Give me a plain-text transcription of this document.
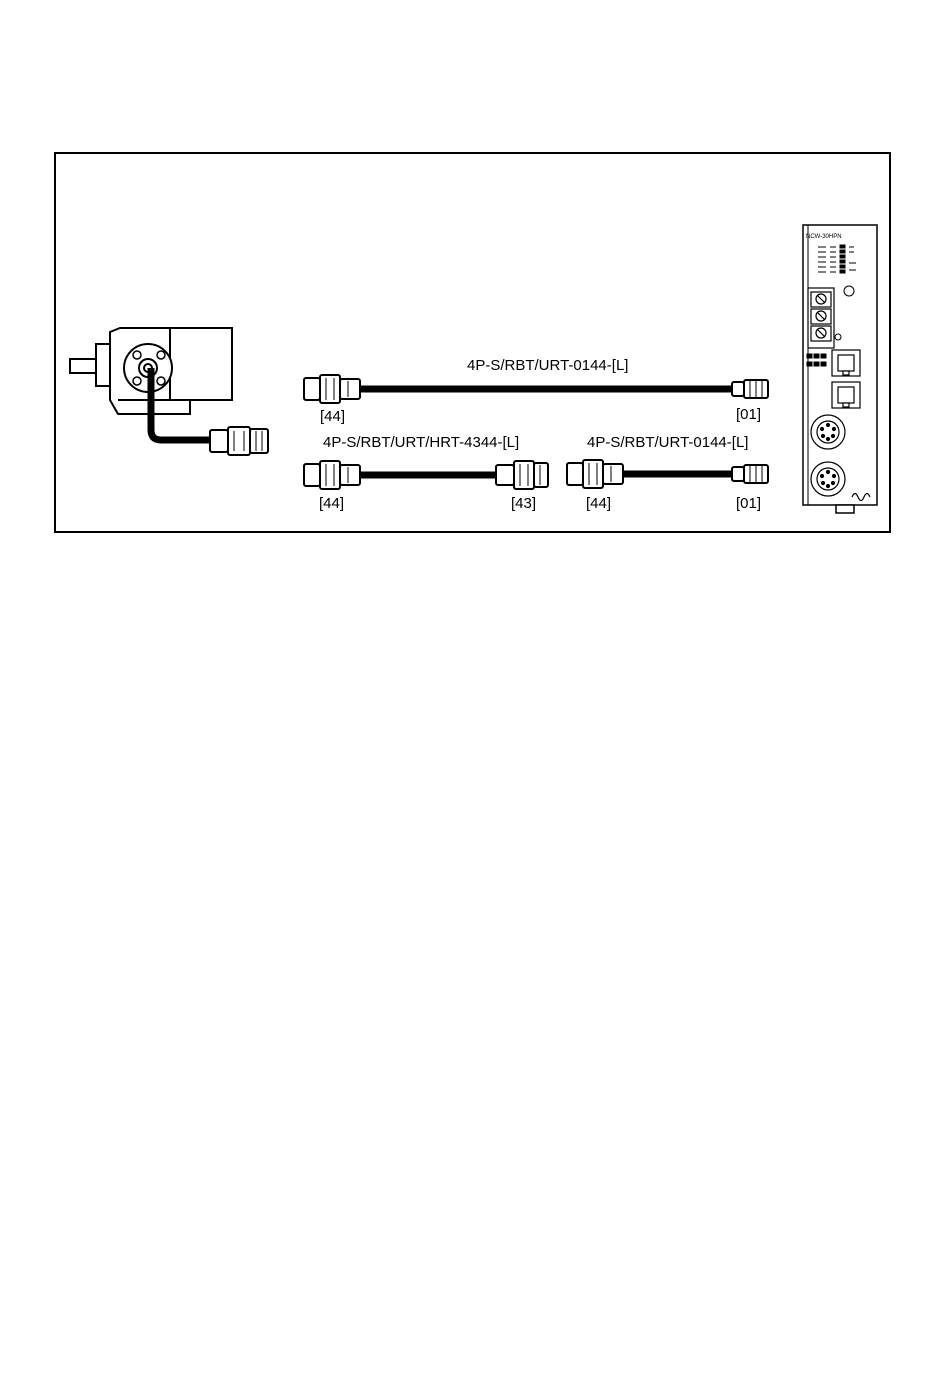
4P-S/RBT/URT-0144-[L]
[44]	[01]
4P-S/RBT/URT/HRT-4344-[L]
[44]	[43]
4P-S/RBT/URT-0144-[L]
[44]	[01]
NCW-30HPN
